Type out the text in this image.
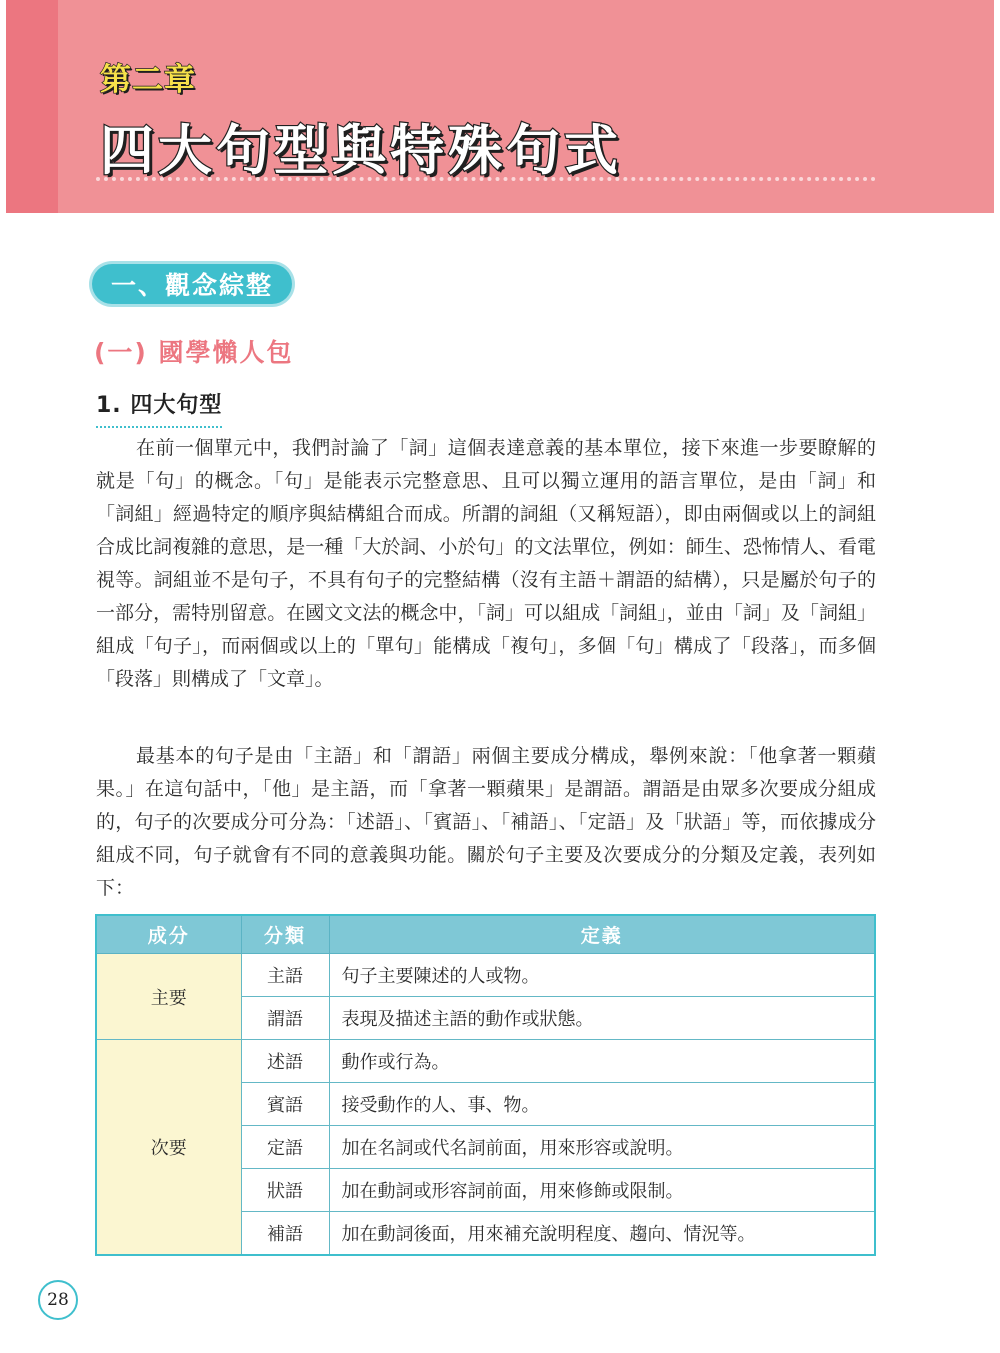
第二章
四大句型與特殊句式
一、觀念綜整
(一) 國學懶人包
1. 四大句型

在前一個單元中，我們討論了「詞」這個表達意義的基本單位，接下來進一步要瞭解的就是「句」的概念。「句」是能表示完整意思、且可以獨立運用的語言單位，是由「詞」和「詞組」經過特定的順序與結構組合而成。所謂的詞組（又稱短語），即由兩個或以上的詞組合成比詞複雜的意思，是一種「大於詞、小於句」的文法單位，例如：師生、恐怖情人、看電視等。詞組並不是句子，不具有句子的完整結構（沒有主語＋謂語的結構），只是屬於句子的一部分，需特別留意。在國文文法的概念中，「詞」可以組成「詞組」，並由「詞」及「詞組」組成「句子」，而兩個或以上的「單句」能構成「複句」，多個「句」構成了「段落」，而多個「段落」則構成了「文章」。

最基本的句子是由「主語」和「謂語」兩個主要成分構成，舉例來說：「他拿著一顆蘋果。」在這句話中，「他」是主語，而「拿著一顆蘋果」是謂語。謂語是由眾多次要成分組成的，句子的次要成分可分為：「述語」、「賓語」、「補語」、「定語」及「狀語」等，而依據成分組成不同，句子就會有不同的意義與功能。關於句子主要及次要成分的分類及定義，表列如下：

成分	分類	定義
主要	主語	句子主要陳述的人或物。
	謂語	表現及描述主語的動作或狀態。
次要	述語	動作或行為。
	賓語	接受動作的人、事、物。
	定語	加在名詞或代名詞前面，用來形容或說明。
	狀語	加在動詞或形容詞前面，用來修飾或限制。
	補語	加在動詞後面，用來補充說明程度、趨向、情況等。
28
